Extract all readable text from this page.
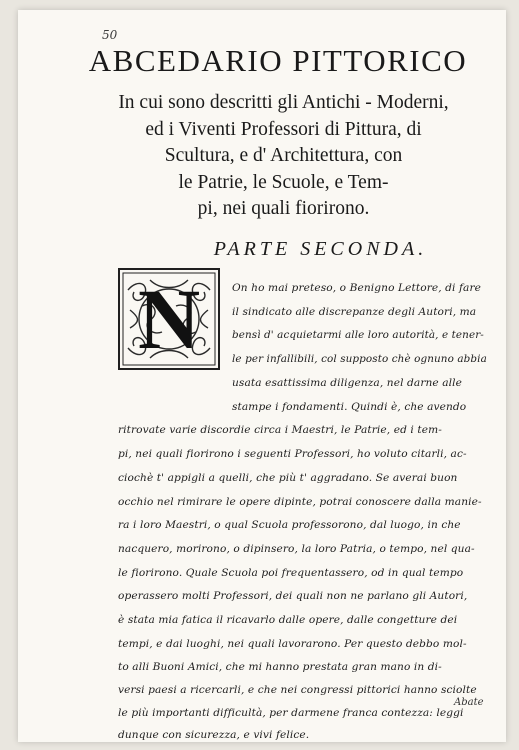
50
ABCEDARIO PITTORICO
In cui sono descritti gli Antichi - Moderni,
ed i Viventi Professori di Pittura, di
Scultura, e d' Architettura, con
le Patrie, le Scuole, e Tem-
pi, nei quali fiorirono.
PARTE SECONDA.
N	On ho mai preteso, o Benigno Lettore, di fare
il sindicato alle discrepanze degli Autori, ma
bensì d' acquietarmi alle loro autorità, e tener-
le per infallibili, col supposto chè ognuno abbia
usata esattissima diligenza, nel darne alle
stampe i fondamenti. Quindi è, che avendo
ritrovate varie discordie circa i Maestri, le Patrie, ed i tem-
pi, nei quali fiorirono i seguenti Professori, ho voluto citarli, ac-
ciochè t' appigli a quelli, che più t' aggradano. Se averai buon
occhio nel rimirare le opere dipinte, potrai conoscere dalla manie-
ra i loro Maestri, o qual Scuola professorono, dal luogo, in che
nacquero, morirono, o dipinsero, la loro Patria, o tempo, nel qua-
le fiorirono. Quale Scuola poi frequentassero, od in qual tempo
operassero molti Professori, dei quali non ne parlano gli Autori,
è stata mia fatica il ricavarlo dalle opere, dalle congetture dei
tempi, e dai luoghi, nei quali lavorarono. Per questo debbo mol-
to alli Buoni Amici, che mi hanno prestata gran mano in di-
versi paesi a ricercarli, e che nei congressi pittorici hanno sciolte
le più importanti difficultà, per darmene franca contezza: leggi
dunque con sicurezza, e vivi felice.
Abate
